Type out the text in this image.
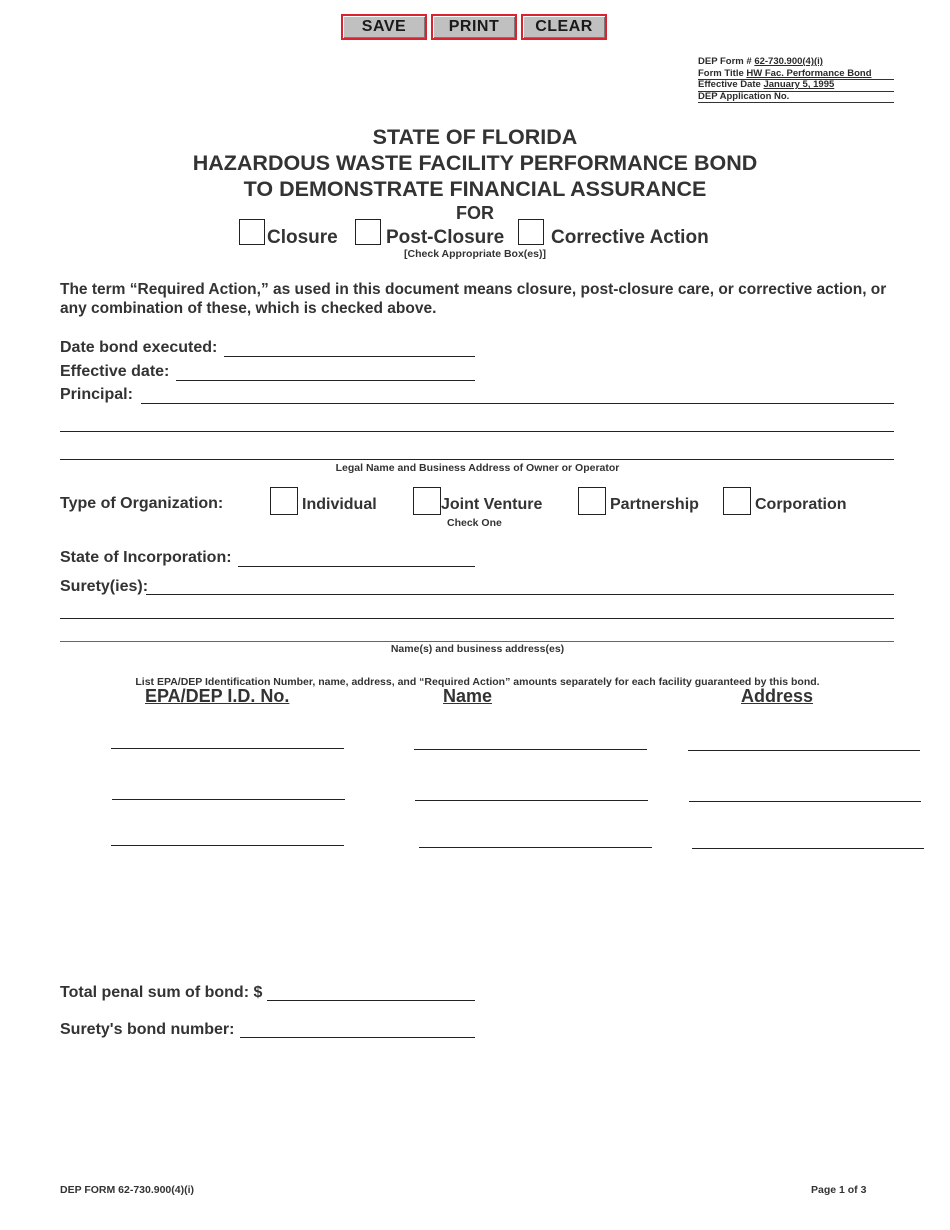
SAVE	PRINT	CLEAR
DEP Form # 62-730.900(4)(i)
Form Title HW Fac. Performance Bond
Effective Date January 5, 1995
DEP Application No.
STATE OF FLORIDA
HAZARDOUS WASTE FACILITY PERFORMANCE BOND
TO DEMONSTRATE FINANCIAL ASSURANCE
FOR
Closure	Post-Closure Corrective Action
[Check Appropriate Box(es)]
The term “Required Action,” as used in this document means closure, post-closure care, or corrective action, or any combination of these, which is checked above.
Date bond executed:
Effective date:
Principal:
Legal Name and Business Address of Owner or Operator
Type of Organization:	Individual	Joint Venture
Check One
Partnership	Corporation
State of Incorporation:
Surety(ies):
Name(s) and business address(es)
List EPA/DEP Identification Number, name, address, and “Required Action” amounts separately for each facility guaranteed by this bond.
EPA/DEP I.D. No.	Name	Address
Total penal sum of bond: $
Surety's bond number:
DEP FORM 62-730.900(4)(i)	Page 1 of 3
